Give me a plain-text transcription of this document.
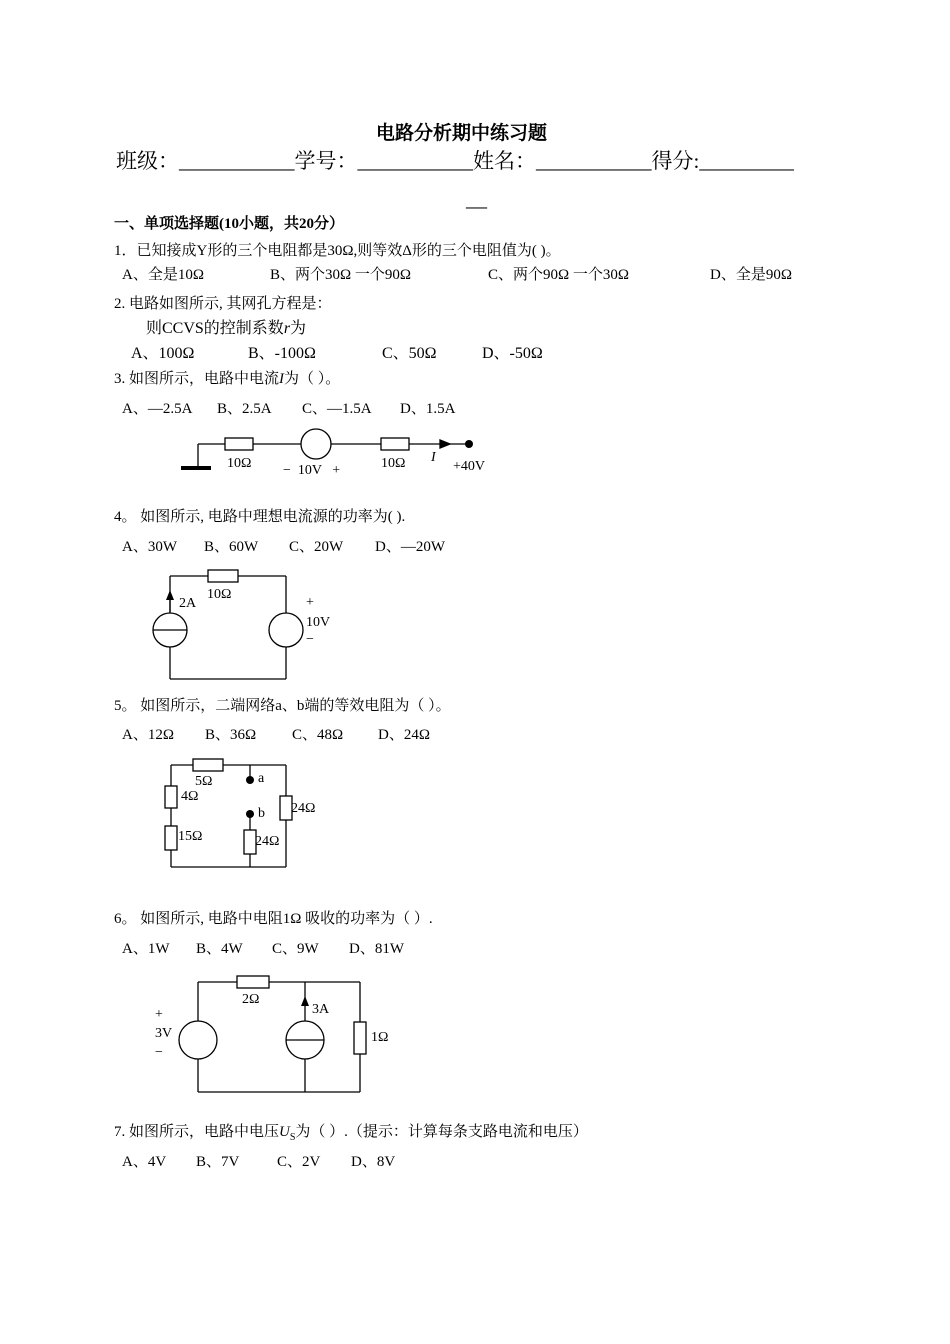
电路分析期中练习题
班级：___________学号：___________姓名：___________得分:_________
__
一、单项选择题(10小题，共20分）
1．已知接成Y形的三个电阻都是30Ω,则等效Δ形的三个电阻值为( )。
A、全是10Ω	B、两个30Ω 一个90Ω	C、两个90Ω 一个30Ω	D、全是90Ω
2. 电路如图所示, 其网孔方程是：
则CCVS的控制系数r为
A、100Ω	B、-100Ω	C、50Ω	D、-50Ω
3. 如图所示，电路中电流I为（ ）。
A、—2.5A B、2.5A C、—1.5A D、1.5A
10Ω −  10V   +	10Ω I
+40V
4。 如图所示, 电路中理想电流源的功率为( ).
A、30W B、60W C、20W D、—20W
2A
10Ω
+
10V
−
5。 如图所示，二端网络a、b端的等效电阻为（ ）。
A、12Ω B、36Ω C、48Ω D、24Ω
5Ω	a
4Ω
b 24Ω
15Ω	24Ω
6。 如图所示, 电路中电阻1Ω 吸收的功率为（ ）.
A、1W B、4W C、9W D、81W
2Ω
3A
+
3V
−
1Ω
7. 如图所示，电路中电压$U_S$为（ ）.（提示：计算每条支路电流和电压）
A、4V B、7V	C、2V D、8V
